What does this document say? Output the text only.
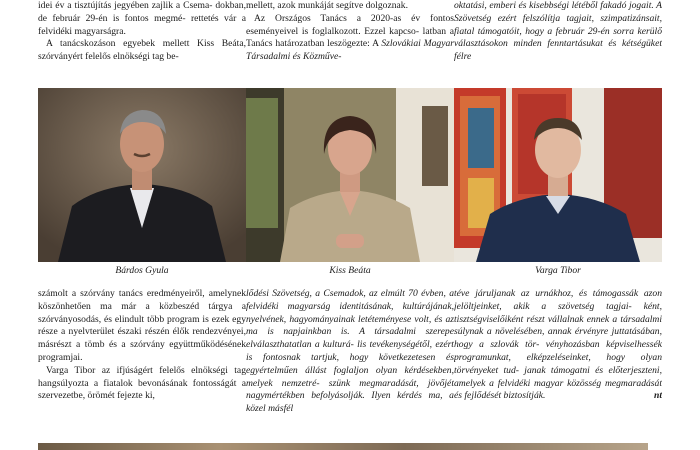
idei év a tisztújítás jegyében zajlik a Csema- dokban, de február 29-én is fontos megmé- rettetés vár a felvidéki magyarságra.

A tanácskozáson egyebek mellett Kiss Beáta, szórványért felelős elnökségi tag be-

mellett, azok munkáját segítve dolgoznak.

Az Országos Tanács a 2020-as év fontos eseményeivel is foglalkozott. Ezzel kapcso- latban a Tanács határozatban leszögezte: A Szlovákiai Magyar Társadalmi és Közműve-

oktatási, emberi és kisebbségi létéből fakadó jogait. A Szövetség ezért felszólítja tagjait, szimpatizánsait, fiatal támogatóit, hogy a február 29-én sorra kerülő választásokon minden fenntartásukat és kétségüket félre

Bárdos Gyula	Kiss Beáta	Varga Tibor

számolt a szórvány tanács eredményeiről, amelynek köszönhetően ma már a közbeszéd tárgya a szórványosodás, és elindult több program is ezek egy része a nyelvterület északi részén élők rendezvényei, másrészt a tömb és a szórvány együttműködésének programjai.

Varga Tibor az ifjúságért felelős elnökségi tag hangsúlyozta a fiatalok bevonásának fontosságát a szervezetbe, örömét fejezte ki,

lődési Szövetség, a Csemadok, az elmúlt 70 évben, a felvidéki magyarság identitásának, kultúrájának, nyelvének, hagyományainak letéteményese volt, és az ma is napjainkban is. A társadalmi szerepe elválaszthatatlan a kulturá- lis tevékenységétől, ezért is fontosnak tartjuk, hogy következetesen és egyértelműen állást foglaljon olyan kérdésekben, melyek nemzetré- szünk megmaradását, jövőjét nagymértékben befolyásolják. Ilyen kérdés ma, a közel másfél

téve járuljanak az urnákhoz, és támogassák azon jelöltjeinket, akik a szövetség tagjai- ként, tisztségviselőiként részt vállalnak ennek a társadalmi súlynak a növelésében, annak érvényre juttatásában, hogy a szlovák tör- vényhozásban képviselhessék programunkat, elképzeléseinket, hogy olyan törvényeket tud- janak támogatni és előterjeszteni, amelyek a felvidéki magyar közösség megmaradását és fejlődését biztosítják.	nt
